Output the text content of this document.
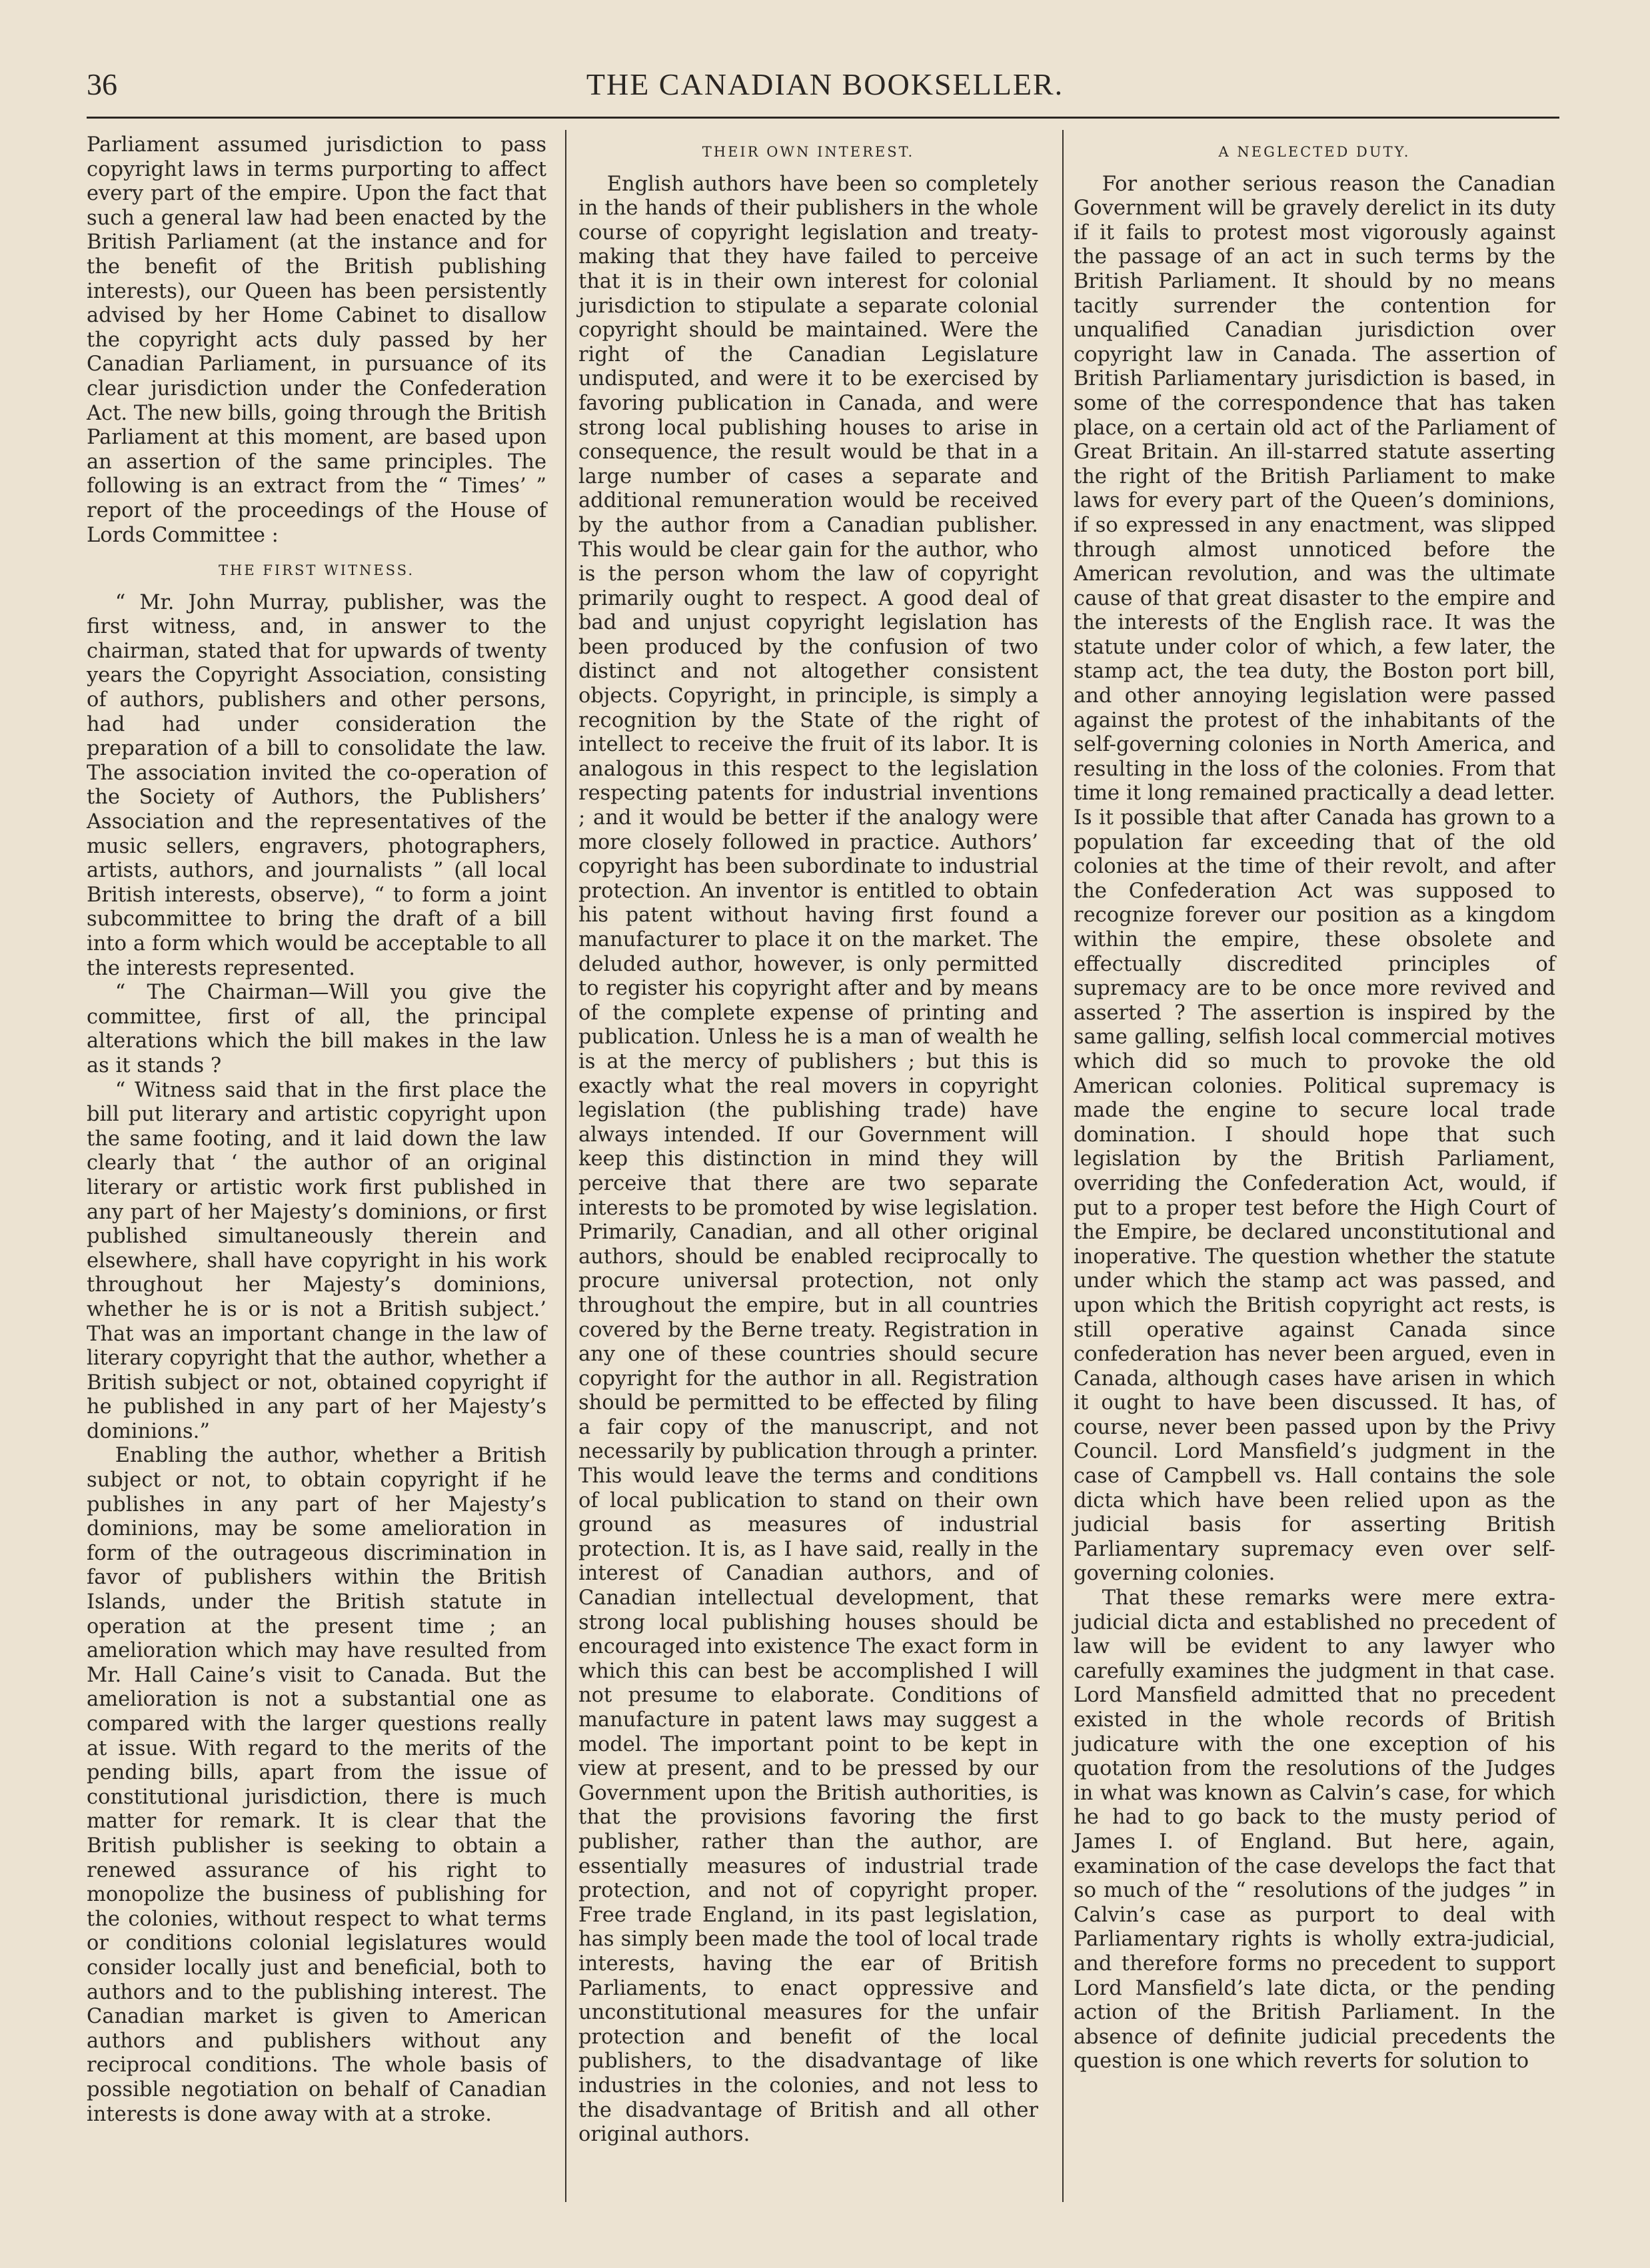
36	THE CANADIAN BOOKSELLER.

Parliament assumed jurisdiction to pass copyright laws in terms purporting to affect every part of the empire. Upon the fact that such a general law had been enacted by the British Parliament (at the instance and for the benefit of the British publishing interests), our Queen has been persistently advised by her Home Cabinet to disallow the copyright acts duly passed by her Canadian Parliament, in pursuance of its clear jurisdiction under the Confederation Act. The new bills, going through the British Parliament at this moment, are based upon an assertion of the same principles. The following is an extract from the “ Times’ ” report of the proceedings of the House of Lords Committee :

THE FIRST WITNESS.

“ Mr. John Murray, publisher, was the first witness, and, in answer to the chairman, stated that for upwards of twenty years the Copyright Association, consisting of authors, publishers and other persons, had had under consideration the preparation of a bill to consolidate the law. The association invited the co-operation of the Society of Authors, the Publishers’ Association and the representatives of the music sellers, engravers, photographers, artists, authors, and journalists ” (all local British interests, observe), “ to form a joint subcommittee to bring the draft of a bill into a form which would be acceptable to all the interests represented.

“ The Chairman—Will you give the committee, first of all, the principal alterations which the bill makes in the law as it stands ?

“ Witness said that in the first place the bill put literary and artistic copyright upon the same footing, and it laid down the law clearly that ‘ the author of an original literary or artistic work first published in any part of her Majesty’s dominions, or first published simultaneously therein and elsewhere, shall have copyright in his work throughout her Majesty’s dominions, whether he is or is not a British subject.’ That was an important change in the law of literary copyright that the author, whether a British subject or not, obtained copyright if he published in any part of her Majesty’s dominions.”

Enabling the author, whether a British subject or not, to obtain copyright if he publishes in any part of her Majesty’s dominions, may be some amelioration in form of the outrageous discrimination in favor of publishers within the British Islands, under the British statute in operation at the present time ; an amelioration which may have resulted from Mr. Hall Caine’s visit to Canada. But the amelioration is not a substantial one as compared with the larger questions really at issue. With regard to the merits of the pending bills, apart from the issue of constitutional jurisdiction, there is much matter for remark. It is clear that the British publisher is seeking to obtain a renewed assurance of his right to monopolize the business of publishing for the colonies, without respect to what terms or conditions colonial legislatures would consider locally just and beneficial, both to authors and to the publishing interest. The Canadian market is given to American authors and publishers without any reciprocal conditions. The whole basis of possible negotiation on behalf of Canadian interests is done away with at a stroke.

THEIR OWN INTEREST.

English authors have been so completely in the hands of their publishers in the whole course of copyright legislation and treaty-making that they have failed to perceive that it is in their own interest for colonial jurisdiction to stipulate a separate colonial copyright should be maintained. Were the right of the Canadian Legislature undisputed, and were it to be exercised by favoring publication in Canada, and were strong local publishing houses to arise in consequence, the result would be that in a large number of cases a separate and additional remuneration would be received by the author from a Canadian publisher. This would be clear gain for the author, who is the person whom the law of copyright primarily ought to respect. A good deal of bad and unjust copyright legislation has been produced by the confusion of two distinct and not altogether consistent objects. Copyright, in principle, is simply a recognition by the State of the right of intellect to receive the fruit of its labor. It is analogous in this respect to the legislation respecting patents for industrial inventions ; and it would be better if the analogy were more closely followed in practice. Authors’ copyright has been subordinate to industrial protection. An inventor is entitled to obtain his patent without having first found a manufacturer to place it on the market. The deluded author, however, is only permitted to register his copyright after and by means of the complete expense of printing and publication. Unless he is a man of wealth he is at the mercy of publishers ; but this is exactly what the real movers in copyright legislation (the publishing trade) have always intended. If our Government will keep this distinction in mind they will perceive that there are two separate interests to be promoted by wise legislation. Primarily, Canadian, and all other original authors, should be enabled reciprocally to procure universal protection, not only throughout the empire, but in all countries covered by the Berne treaty. Registration in any one of these countries should secure copyright for the author in all. Registration should be permitted to be effected by filing a fair copy of the manuscript, and not necessarily by publication through a printer. This would leave the terms and conditions of local publication to stand on their own ground as measures of industrial protection. It is, as I have said, really in the interest of Canadian authors, and of Canadian intellectual development, that strong local publishing houses should be encouraged into existence The exact form in which this can best be accomplished I will not presume to elaborate. Conditions of manufacture in patent laws may suggest a model. The important point to be kept in view at present, and to be pressed by our Government upon the British authorities, is that the provisions favoring the first publisher, rather than the author, are essentially measures of industrial trade protection, and not of copyright proper. Free trade England, in its past legislation, has simply been made the tool of local trade interests, having the ear of British Parliaments, to enact oppressive and unconstitutional measures for the unfair protection and benefit of the local publishers, to the disadvantage of like industries in the colonies, and not less to the disadvantage of British and all other original authors.

A NEGLECTED DUTY.

For another serious reason the Canadian Government will be gravely derelict in its duty if it fails to protest most vigorously against the passage of an act in such terms by the British Parliament. It should by no means tacitly surrender the contention for unqualified Canadian jurisdiction over copyright law in Canada. The assertion of British Parliamentary jurisdiction is based, in some of the correspondence that has taken place, on a certain old act of the Parliament of Great Britain. An ill-starred statute asserting the right of the British Parliament to make laws for every part of the Queen’s dominions, if so expressed in any enactment, was slipped through almost unnoticed before the American revolution, and was the ultimate cause of that great disaster to the empire and the interests of the English race. It was the statute under color of which, a few later, the stamp act, the tea duty, the Boston port bill, and other annoying legislation were passed against the protest of the inhabitants of the self-governing colonies in North America, and resulting in the loss of the colonies. From that time it long remained practically a dead letter. Is it possible that after Canada has grown to a population far exceeding that of the old colonies at the time of their revolt, and after the Confederation Act was supposed to recognize forever our position as a kingdom within the empire, these obsolete and effectually discredited principles of supremacy are to be once more revived and asserted ? The assertion is inspired by the same galling, selfish local commercial motives which did so much to provoke the old American colonies. Political supremacy is made the engine to secure local trade domination. I should hope that such legislation by the British Parliament, overriding the Confederation Act, would, if put to a proper test before the High Court of the Empire, be declared unconstitutional and inoperative. The question whether the statute under which the stamp act was passed, and upon which the British copyright act rests, is still operative against Canada since confederation has never been argued, even in Canada, although cases have arisen in which it ought to have been discussed. It has, of course, never been passed upon by the Privy Council. Lord Mansfield’s judgment in the case of Campbell vs. Hall contains the sole dicta which have been relied upon as the judicial basis for asserting British Parliamentary supremacy even over self-governing colonies.

That these remarks were mere extra-judicial dicta and established no precedent of law will be evident to any lawyer who carefully examines the judgment in that case. Lord Mansfield admitted that no precedent existed in the whole records of British judicature with the one exception of his quotation from the resolutions of the Judges in what was known as Calvin’s case, for which he had to go back to the musty period of James I. of England. But here, again, examination of the case develops the fact that so much of the “ resolutions of the judges ” in Calvin’s case as purport to deal with Parliamentary rights is wholly extra-judicial, and therefore forms no precedent to support Lord Mansfield’s late dicta, or the pending action of the British Parliament. In the absence of definite judicial precedents the question is one which reverts for solution to
